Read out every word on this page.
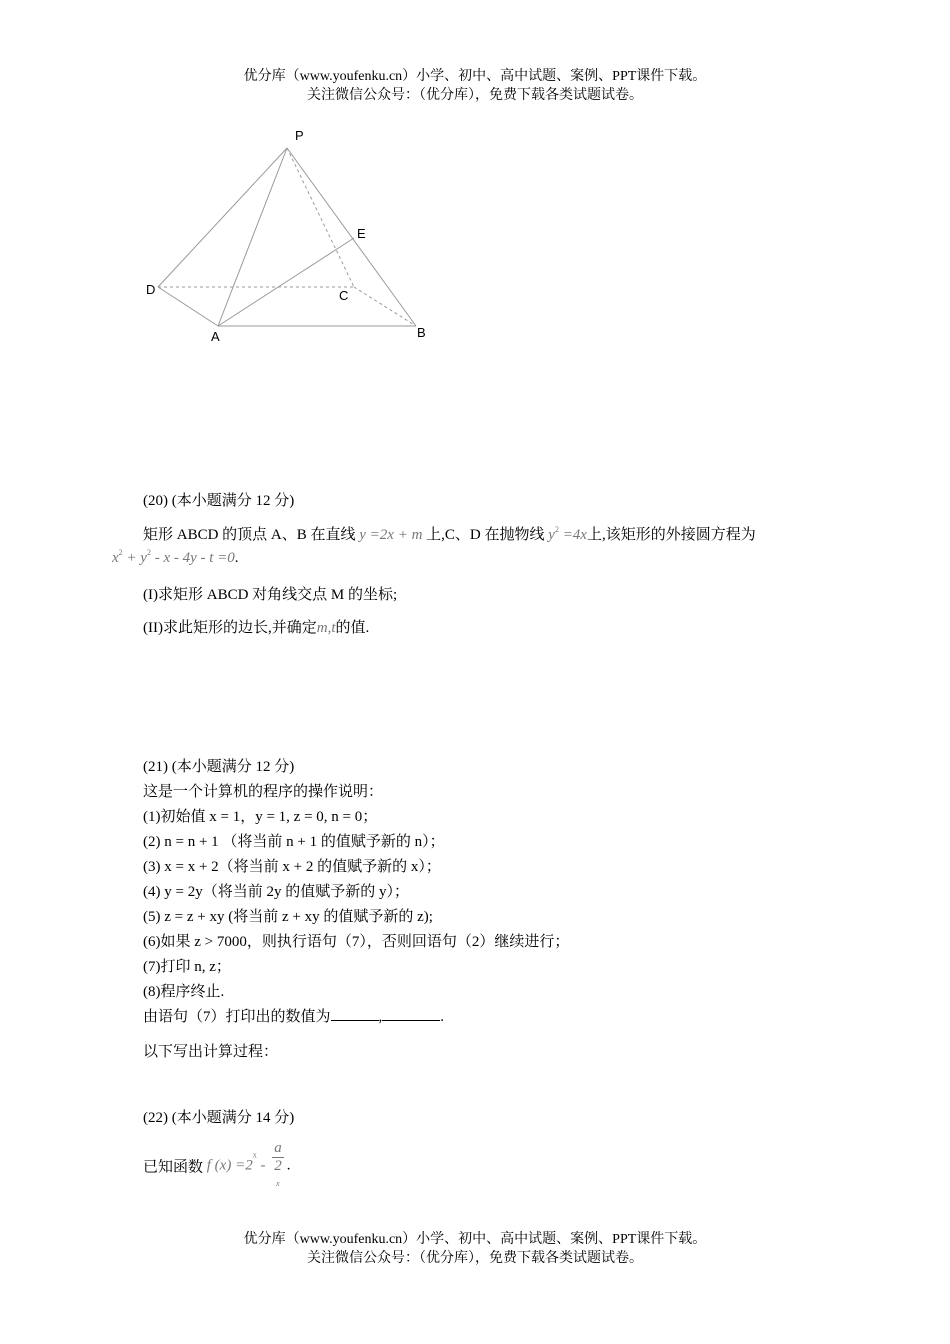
优分库（www.youfenku.cn）小学、初中、高中试题、案例、PPT课件下载。
关注微信公众号：（优分库），免费下载各类试题试卷。
P
E
D	C
A	B
(20) (本小题满分 12 分)
矩形 ABCD 的顶点 A、B 在直线 y =2x + m 上,C、D 在抛物线 $y^2 =4x$上,该矩形的外接圆方程为
$x^2 + y^2 - x - 4y - t =0$.
(I)求矩形 ABCD 对角线交点 M 的坐标;
(II)求此矩形的边长,并确定m,t的值.
(21) (本小题满分 12 分)
这是一个计算机的程序的操作说明：
(1)初始值 x = 1，y = 1, z = 0, n = 0；
(2) n = n + 1 （将当前 n + 1 的值赋予新的 n）；
(3) x = x + 2（将当前 x + 2 的值赋予新的 x）；
(4) y = 2y（将当前 2y 的值赋予新的 y）；
(5) z = z + xy (将当前 z + xy 的值赋予新的 z);
(6)如果 z > 7000，则执行语句（7），否则回语句（2）继续进行；
(7)打印 n, z；
(8)程序终止.
由语句（7）打印出的数值为	,	.
以下写出计算过程：
(22) (本小题满分 14 分)
已知函数 f $(x) =2^x - a$
2
x .
优分库（www.youfenku.cn）小学、初中、高中试题、案例、PPT课件下载。
关注微信公众号：（优分库），免费下载各类试题试卷。
